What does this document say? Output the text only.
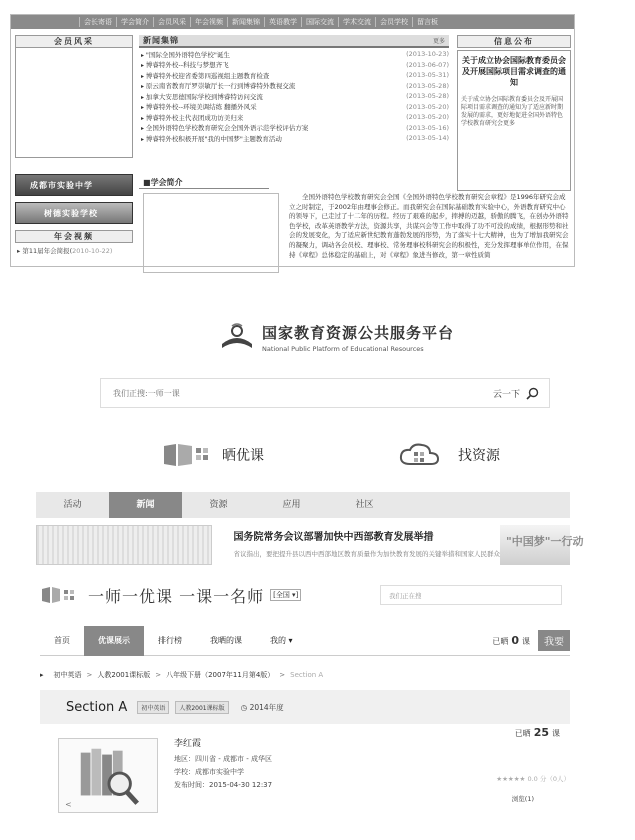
会长寄语	学会简介	会员风采	年会视频	新闻集锦	英语教学	国际交流	学术交流	会员学校	留言板
会员风采
成都市实验中学
树德实验学校
年会视频
▸ 第11届年会简报(2010-10-22)
新闻集锦	更多
▸ "国际全国外语特色学校"诞生	(2013-10-23)
▸ 博睿特外校--科技与梦想齐飞	(2013-06-07)
▸ 博睿特外校迎省委第四巡视组主题教育检查	(2013-05-31)
▸ 原云南省教育厅罗崇敏厅长一行到博睿特外教视交流	(2013-05-28)
▸ 加拿大安思德国际学校到博睿特访问交流	(2013-05-28)
▸ 博睿特外校--环境美调结练 翻播外风采	(2013-05-20)
▸ 博睿特外校主代表团成功访美归来	(2013-05-20)
▸ 全国外语特色学校教育研究会全国外语示范学校评估方案	(2013-05-16)
▸ 博睿特外校积极开展"我的中国梦"主题教育活动	(2013-05-14)
信息公布
关于成立协会国际教育委员会及开展国际项目需求调查的通知
关于成立协会国际教育委员会及开展国际项目需求调查的通知为了适应新时期发展的需求，更好地促进全国外语特色学校教育研究会更多
■学会简介
全国外语特色学校教育研究会全国《全国外语特色学校教育研究会章程》是1996年研究会成立之时制定，于2002年由理事会修正。而我研究会在国际基础教育实验中心，外语教育研究中心的领导下，已走过了十二年的历程。经历了艰难的起步，摔搏的迈越，骄傲的腾飞，在创办外语特色学校，改革英语教学方法，资源共享，共谋兴会等工作中取得了功不可没的成绩，根据形势和社会的发展变化，为了适应新世纪教育蓬勃发展的形势，为了落实十七大精神，也为了增加我研究会的凝聚力，调动各会员校、理事校、常务理事校科研究会的积极性，充分发挥理事单位作用，在保持《章程》总体稳定的基础上，对《章程》象进当修改，第一章性质简
国家教育资源公共服务平台
National Public Platform of Educational Resources
我们正搜:一师一课
云一下
晒优课	找资源
活动	新闻	资源	应用	社区
国务院常务会议部署加快中西部教育发展举措
省议指出，要把提升县以西中西部地区教育质量作为加快教育发展的关键举措和国家人民群众
"中国梦"一行动
一师一优课 一课一名师	[全国 ▾]	我们正在搜
首页	优课展示	排行榜	我晒的课	我的 ▾	已晒 0 课	我要
▸ 初中英语 > 人教2001课标版 > 八年级下册（2007年11月第4版） > Section A
Section A	初中英语	人教2001课标版	◷ 2014年度
已晒 25 课
<
李红霞
地区：四川省 - 成都市 - 成华区
学校：成都市实验中学
发布时间：2015-04-30 12:37
★★★★★ 0.0 分（0人）
浏览(1)
